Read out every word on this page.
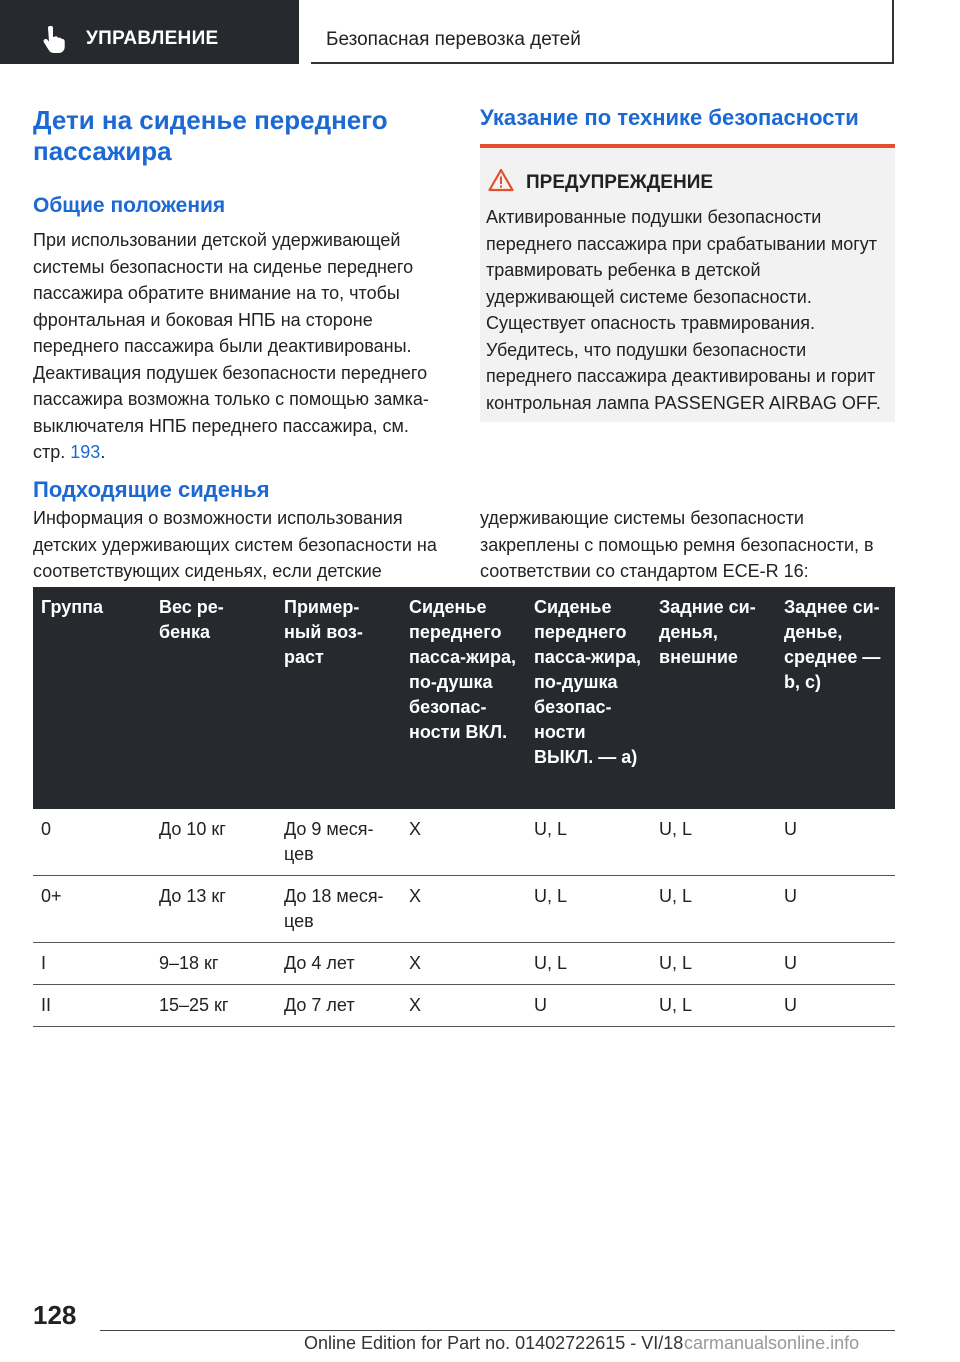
УПРАВЛЕНИЕ	Безопасная перевозка детей
Дети на сиденье переднего пассажира
Общие положения

При использовании детской удерживающей системы безопасности на сиденье переднего пассажира обратите внимание на то, чтобы фронтальная и боковая НПБ на стороне переднего пассажира были деактивированы. Деактивация подушек безопасности переднего пассажира возможна только с помощью замка-выключателя НПБ переднего пассажира, см. стр. 193.

Указание по технике безопасности
ПРЕДУПРЕЖДЕНИЕ
Активированные подушки безопасности переднего пассажира при срабатывании могут травмировать ребенка в детской удерживающей системе безопасности. Существует опасность травмирования. Убедитесь, что подушки безопасности переднего пассажира деактивированы и горит контрольная лампа PASSENGER AIRBAG OFF.
Подходящие сиденья

Информация о возможности использования детских удерживающих систем безопасности на соответствующих сиденьях, если детские

удерживающие системы безопасности закреплены с помощью ремня безопасности, в соответствии со стандартом ECE-R 16:

Группа	Вес ре-бенка	Пример-ный воз-раст	Сиденье переднего пасса-жира, по-душка безопас-ности ВКЛ.	Сиденье переднего пасса-жира, по-душка безопас-ности ВЫКЛ. — a)	Задние си-денья, внешние	Заднее си-денье, среднее — b, c)
0	До 10 кг	До 9 меся-цев	X	U, L	U, L	U
0+	До 13 кг	До 18 меся-цев	X	U, L	U, L	U
I	9–18 кг	До 4 лет	X	U, L	U, L	U
II	15–25 кг	До 7 лет	X	U	U, L	U
128
Online Edition for Part no. 01402722615 - VI/18 carmanualsonline.info
